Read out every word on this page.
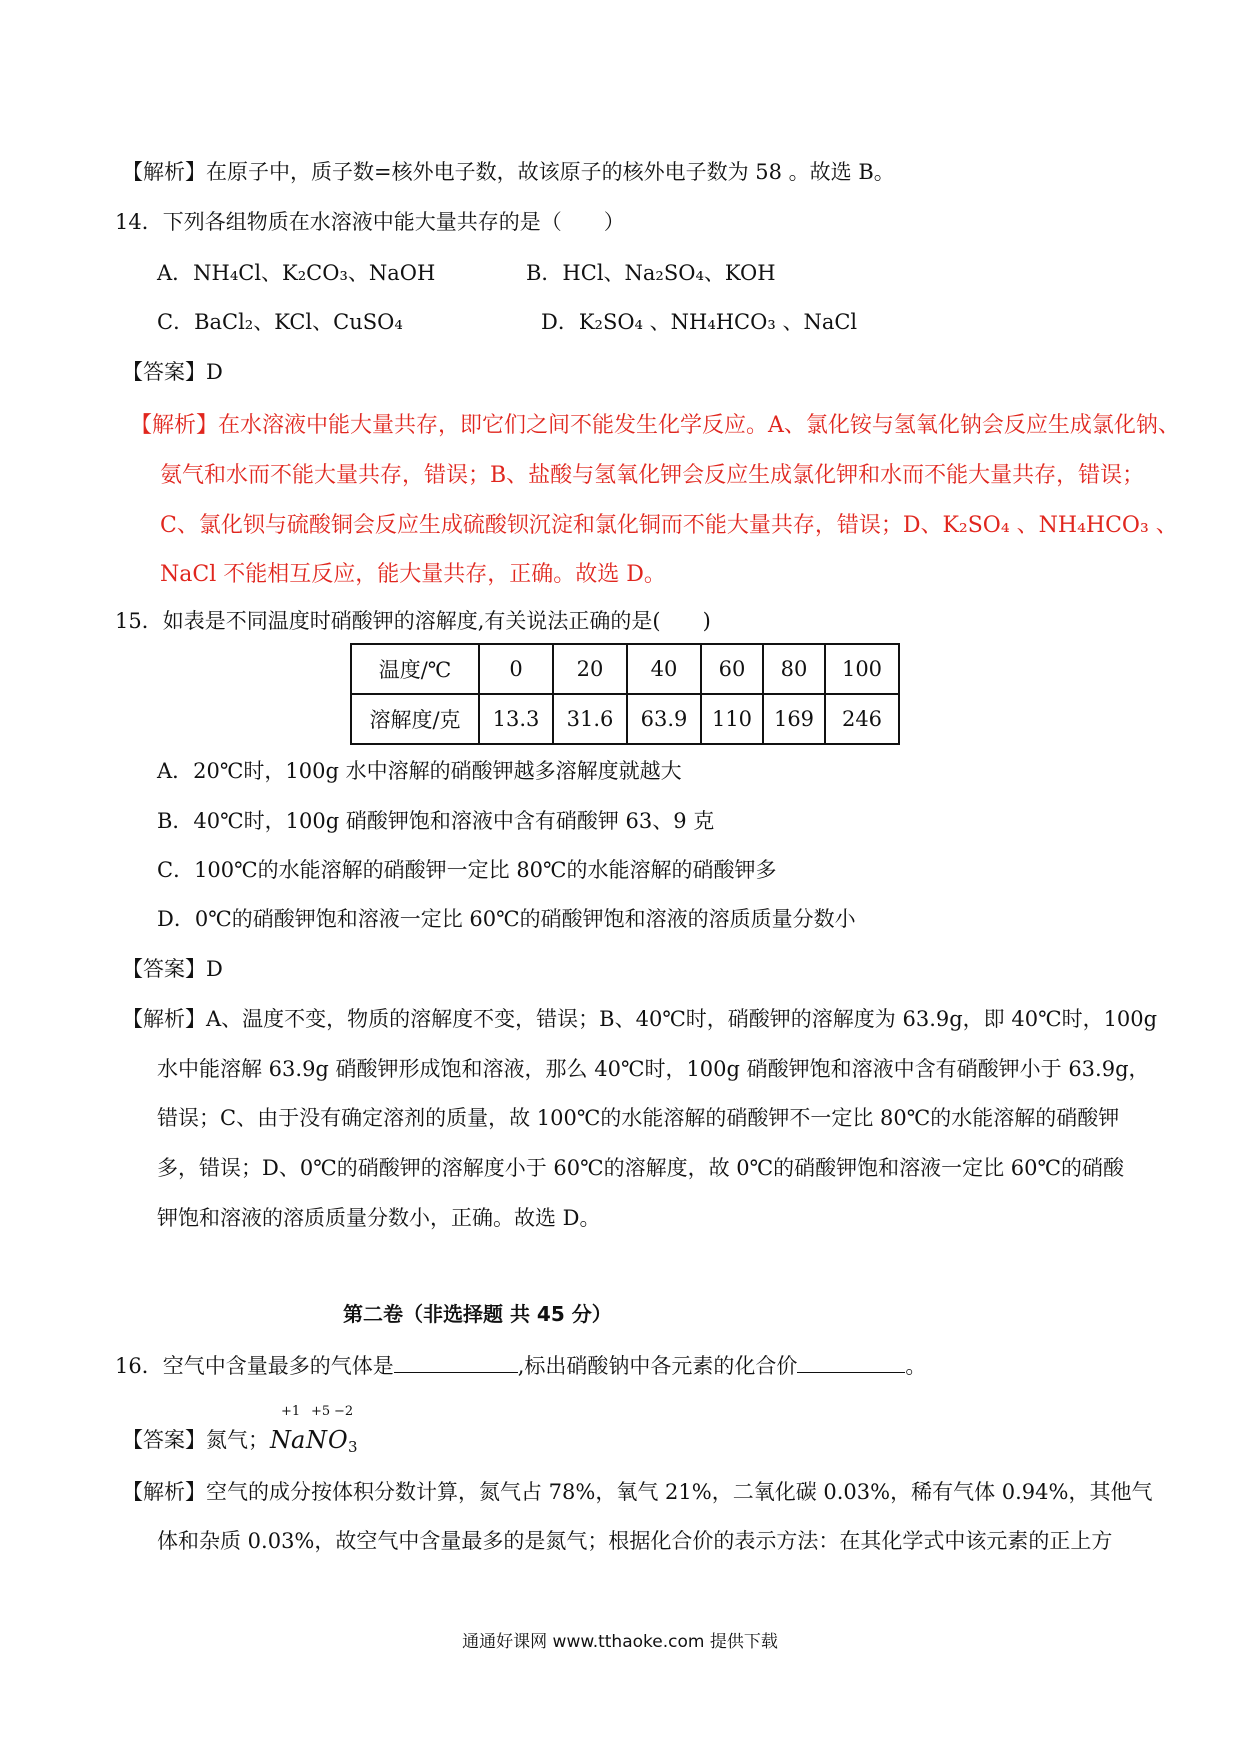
【解析】在原子中，质子数=核外电子数，故该原子的核外电子数为 58 。故选 B。
14．下列各组物质在水溶液中能大量共存的是（　　）
A．NH₄Cl、K₂CO₃、NaOH	B．HCl、Na₂SO₄、KOH
C．BaCl₂、KCl、CuSO₄	D．K₂SO₄ 、NH₄HCO₃ 、NaCl
【答案】D
【解析】在水溶液中能大量共存，即它们之间不能发生化学反应。A、氯化铵与氢氧化钠会反应生成氯化钠、
氨气和水而不能大量共存，错误；B、盐酸与氢氧化钾会反应生成氯化钾和水而不能大量共存，错误；
C、氯化钡与硫酸铜会反应生成硫酸钡沉淀和氯化铜而不能大量共存，错误；D、K₂SO₄ 、NH₄HCO₃ 、
NaCl 不能相互反应，能大量共存，正确。故选 D。
15．如表是不同温度时硝酸钾的溶解度,有关说法正确的是(　　)
温度/℃	0	20	40	60	80	100
溶解度/克	13.3	31.6	63.9	110	169	246
A．20℃时，100g 水中溶解的硝酸钾越多溶解度就越大
B．40℃时，100g 硝酸钾饱和溶液中含有硝酸钾 63、9 克
C．100℃的水能溶解的硝酸钾一定比 80℃的水能溶解的硝酸钾多
D．0℃的硝酸钾饱和溶液一定比 60℃的硝酸钾饱和溶液的溶质质量分数小
【答案】D
【解析】A、温度不变，物质的溶解度不变，错误；B、40℃时，硝酸钾的溶解度为 63.9g，即 40℃时，100g
水中能溶解 63.9g 硝酸钾形成饱和溶液，那么 40℃时，100g 硝酸钾饱和溶液中含有硝酸钾小于 63.9g，
错误；C、由于没有确定溶剂的质量，故 100℃的水能溶解的硝酸钾不一定比 80℃的水能溶解的硝酸钾
多，错误；D、0℃的硝酸钾的溶解度小于 60℃的溶解度，故 0℃的硝酸钾饱和溶液一定比 60℃的硝酸
钾饱和溶液的溶质质量分数小，正确。故选 D。
第二卷（非选择题 共 45 分）
16．空气中含量最多的气体是	,标出硝酸钠中各元素的化合价	。
【答案】氮气；
+1 +5 −2
Na N O 3
【解析】空气的成分按体积分数计算，氮气占 78%，氧气 21%，二氧化碳 0.03%，稀有气体 0.94%，其他气
体和杂质 0.03%，故空气中含量最多的是氮气；根据化合价的表示方法：在其化学式中该元素的正上方
通通好课网 www.tthaoke.com 提供下载
